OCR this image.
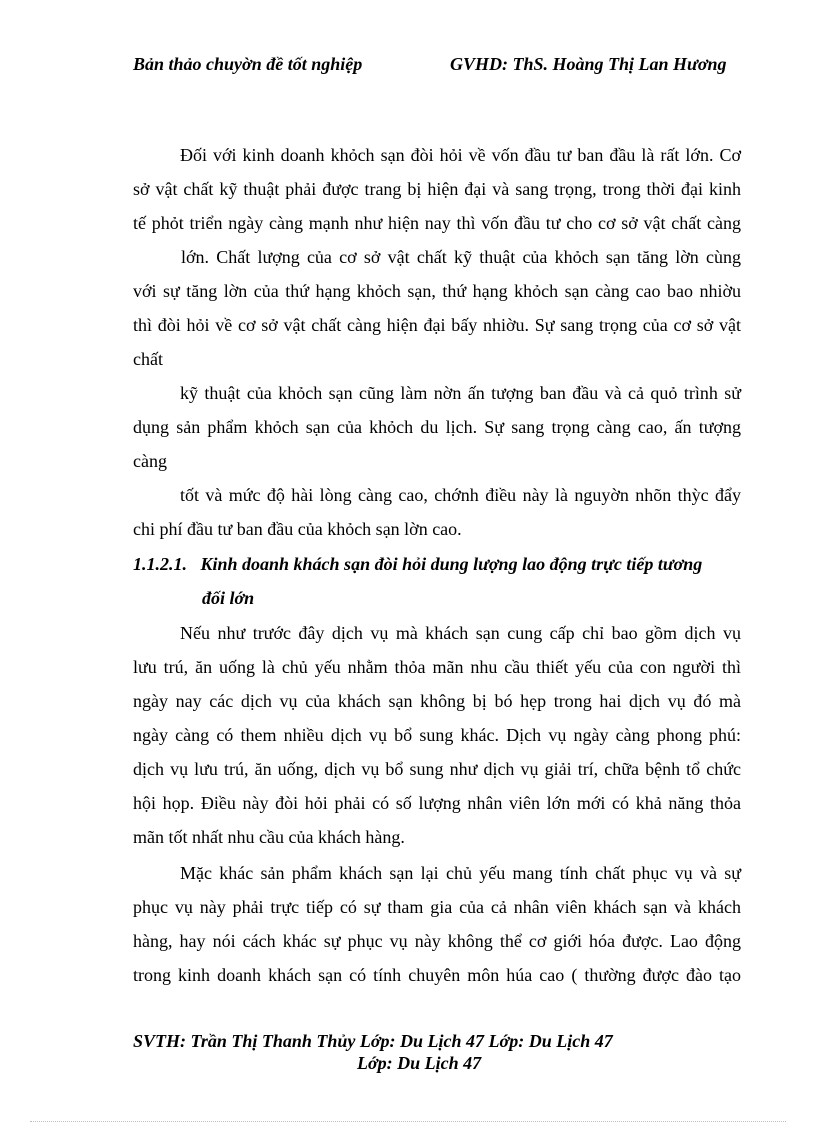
Bản thảo chuyờn đề tốt nghiệp	GVHD: ThS. Hoàng Thị Lan Hương
Đối với kinh doanh khỏch sạn đòi hỏi về vốn đầu tư ban đầu là rất lớn. Cơ
sở vật chất kỹ thuật phải được trang bị hiện đại và sang trọng, trong thời đại kinh
tế phỏt triển ngày càng mạnh như hiện nay thì vốn đầu tư cho cơ sở vật chất càng
lớn. Chất lượng của cơ sở vật chất kỹ thuật của khỏch sạn tăng lờn cùng
với sự tăng lờn của thứ hạng khỏch sạn, thứ hạng khỏch sạn càng cao bao nhiờu
thì đòi hỏi về cơ sở vật chất càng hiện đại bấy nhiờu. Sự sang trọng của cơ sở vật
chất
kỹ thuật của khỏch sạn cũng làm nờn ấn tượng ban đầu và cả quỏ trình sử
dụng sản phẩm khỏch sạn của khỏch du lịch. Sự sang trọng càng cao, ấn tượng
càng
tốt và mức độ hài lòng càng cao, chớnh điều này là nguyờn nhõn thỳc đẩy
chi phí đầu tư ban đầu của khỏch sạn lờn cao.
1.1.2.1.   Kinh doanh khách sạn đòi hỏi dung lượng lao động trực tiếp tương
đối lớn
Nếu như trước đây dịch vụ mà khách sạn cung cấp chỉ bao gồm dịch vụ
lưu trú, ăn uống là chủ yếu nhằm thỏa mãn nhu cầu thiết yếu của con người thì
ngày nay các dịch vụ của khách sạn không bị bó hẹp trong hai dịch vụ đó mà
ngày càng có them nhiều dịch vụ bổ sung khác. Dịch vụ ngày càng phong phú:
dịch vụ lưu trú, ăn uống, dịch vụ bổ sung như dịch vụ giải trí, chữa bệnh tổ chức
hội họp. Điều này đòi hỏi phải có số lượng nhân viên lớn mới có khả năng thỏa
mãn tốt nhất nhu cầu của khách hàng.
Mặc khác sản phẩm khách sạn lại chủ yếu mang tính chất phục vụ và sự
phục vụ này phải trực tiếp có sự tham gia của cả nhân viên khách sạn và khách
hàng, hay nói cách khác sự phục vụ này không thể cơ giới hóa được. Lao động
trong kinh doanh khách sạn có tính chuyên môn húa cao ( thường được đào tạo
SVTH: Trần Thị Thanh Thủy Lớp: Du Lịch 47 Lớp: Du Lịch 47
Lớp: Du Lịch 47
